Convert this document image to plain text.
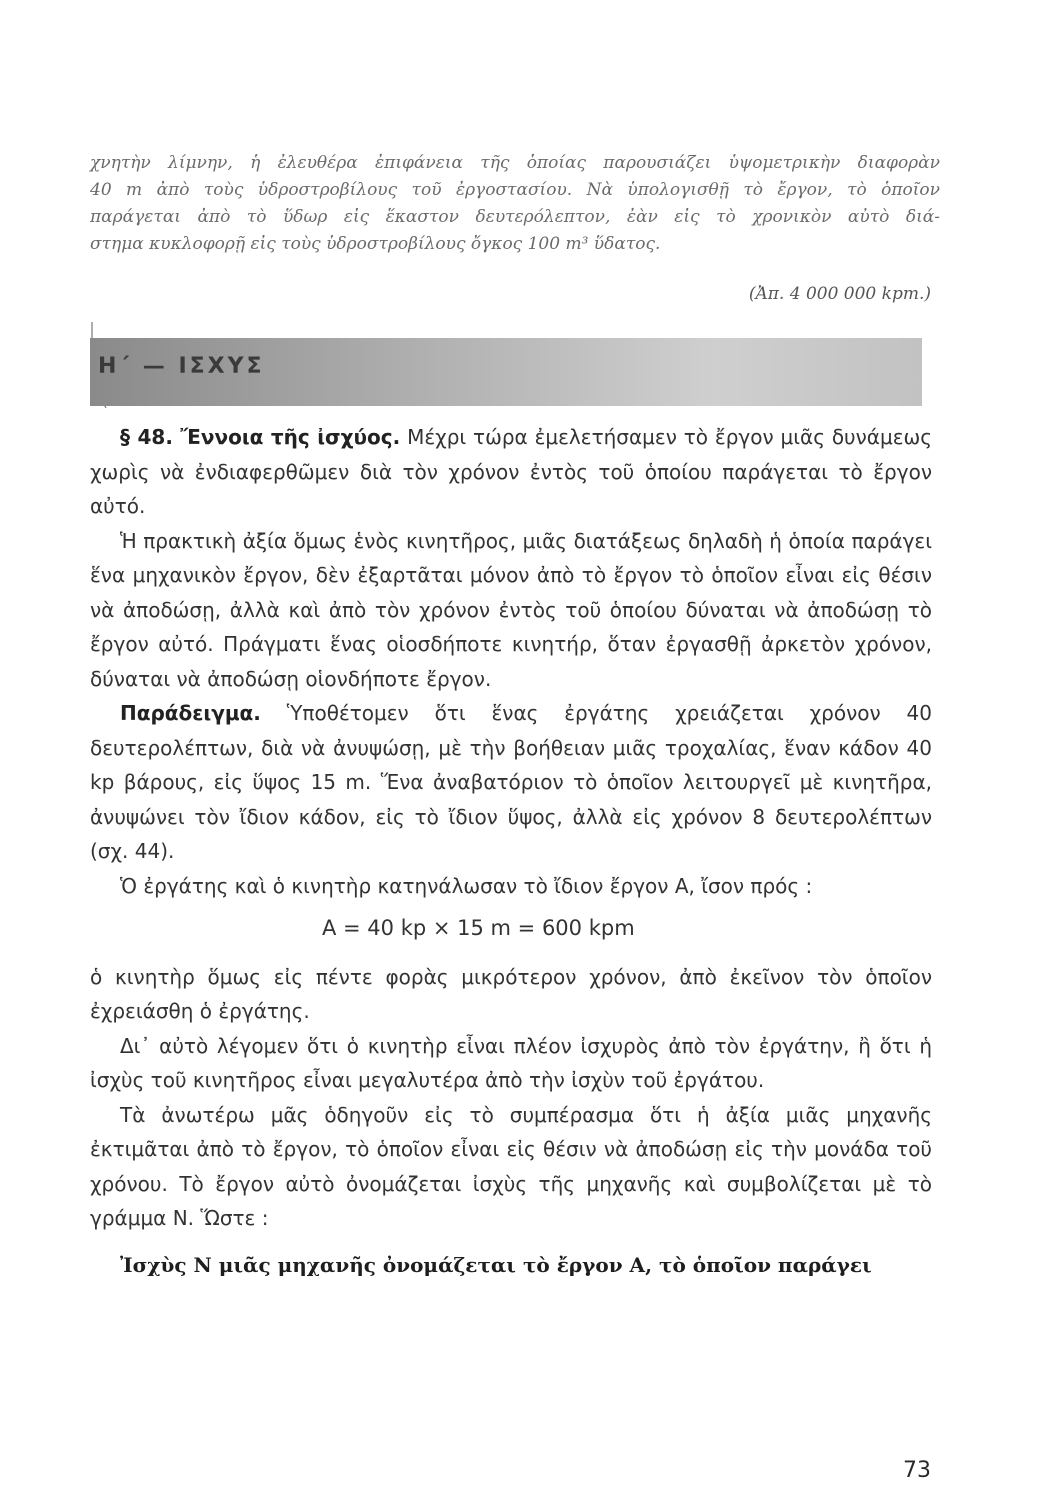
χνητὴν λίμνην, ἡ ἐλευθέρα ἐπιφάνεια τῆς ὁποίας παρουσιάζει ὑψομετρικὴν διαφορὰν

40 m ἀπὸ τοὺς ὑδροστροβίλους τοῦ ἐργοστασίου. Νὰ ὑπολογισθῇ τὸ ἔργον, τὸ ὁποῖον

παράγεται ἀπὸ τὸ ὕδωρ εἰς ἕκαστον δευτερόλεπτον, ἐὰν εἰς τὸ χρονικὸν αὐτὸ διά-

στημα κυκλοφορῇ εἰς τοὺς ὑδροστροβίλους ὄγκος 100 m³ ὕδατος.

(Ἀπ. 4 000 000 kpm.)
Η΄ — ΙΣΧΥΣ

§ 48. Ἔννοια τῆς ἰσχύος. Μέχρι τώρα ἐμελετήσαμεν τὸ ἔργον μιᾶς δυνάμεως χωρὶς νὰ ἐνδιαφερθῶμεν διὰ τὸν χρόνον ἐντὸς τοῦ ὁποίου παράγεται τὸ ἔργον αὐτό.

Ἡ πρακτικὴ ἀξία ὅμως ἑνὸς κινητῆρος, μιᾶς διατάξεως δηλαδὴ ἡ ὁποία παράγει ἕνα μηχανικὸν ἔργον, δὲν ἐξαρτᾶται μόνον ἀπὸ τὸ ἔργον τὸ ὁποῖον εἶναι εἰς θέσιν νὰ ἀποδώσῃ, ἀλλὰ καὶ ἀπὸ τὸν χρόνον ἐντὸς τοῦ ὁποίου δύναται νὰ ἀποδώσῃ τὸ ἔργον αὐτό. Πράγματι ἕνας οἱοσδήποτε κινητήρ, ὅταν ἐργασθῇ ἀρκετὸν χρόνον, δύναται νὰ ἀποδώσῃ οἱονδήποτε ἔργον.

Παράδειγμα. Ὑποθέτομεν ὅτι ἕνας ἐργάτης χρειάζεται χρόνον 40 δευτερολέπτων, διὰ νὰ ἀνυψώσῃ, μὲ τὴν βοήθειαν μιᾶς τροχαλίας, ἕναν κάδον 40 kp βάρους, εἰς ὕψος 15 m. Ἕνα ἀναβατόριον τὸ ὁποῖον λειτουργεῖ μὲ κινητῆρα, ἀνυψώνει τὸν ἴδιον κάδον, εἰς τὸ ἴδιον ὕψος, ἀλλὰ εἰς χρόνον 8 δευτερολέπτων (σχ. 44).

Ὁ ἐργάτης καὶ ὁ κινητὴρ κατηνάλωσαν τὸ ἴδιον ἔργον Α, ἴσον πρός :

Α = 40 kp × 15 m = 600 kpm

ὁ κινητὴρ ὅμως εἰς πέντε φορὰς μικρότερον χρόνον, ἀπὸ ἐκεῖνον τὸν ὁποῖον ἐχρειάσθη ὁ ἐργάτης.

Δι᾽ αὐτὸ λέγομεν ὅτι ὁ κινητὴρ εἶναι πλέον ἰσχυρὸς ἀπὸ τὸν ἐργάτην, ἢ ὅτι ἡ ἰσχὺς τοῦ κινητῆρος εἶναι μεγαλυτέρα ἀπὸ τὴν ἰσχὺν τοῦ ἐργάτου.

Τὰ ἀνωτέρω μᾶς ὁδηγοῦν εἰς τὸ συμπέρασμα ὅτι ἡ ἀξία μιᾶς μηχανῆς ἐκτιμᾶται ἀπὸ τὸ ἔργον, τὸ ὁποῖον εἶναι εἰς θέσιν νὰ ἀποδώσῃ εἰς τὴν μονάδα τοῦ χρόνου. Τὸ ἔργον αὐτὸ ὀνομάζεται ἰσχὺς τῆς μηχανῆς καὶ συμβολίζεται μὲ τὸ γράμμα Ν. Ὥστε :

Ἰσχὺς Ν μιᾶς μηχανῆς ὀνομάζεται τὸ ἔργον Α, τὸ ὁποῖον παράγει

73
